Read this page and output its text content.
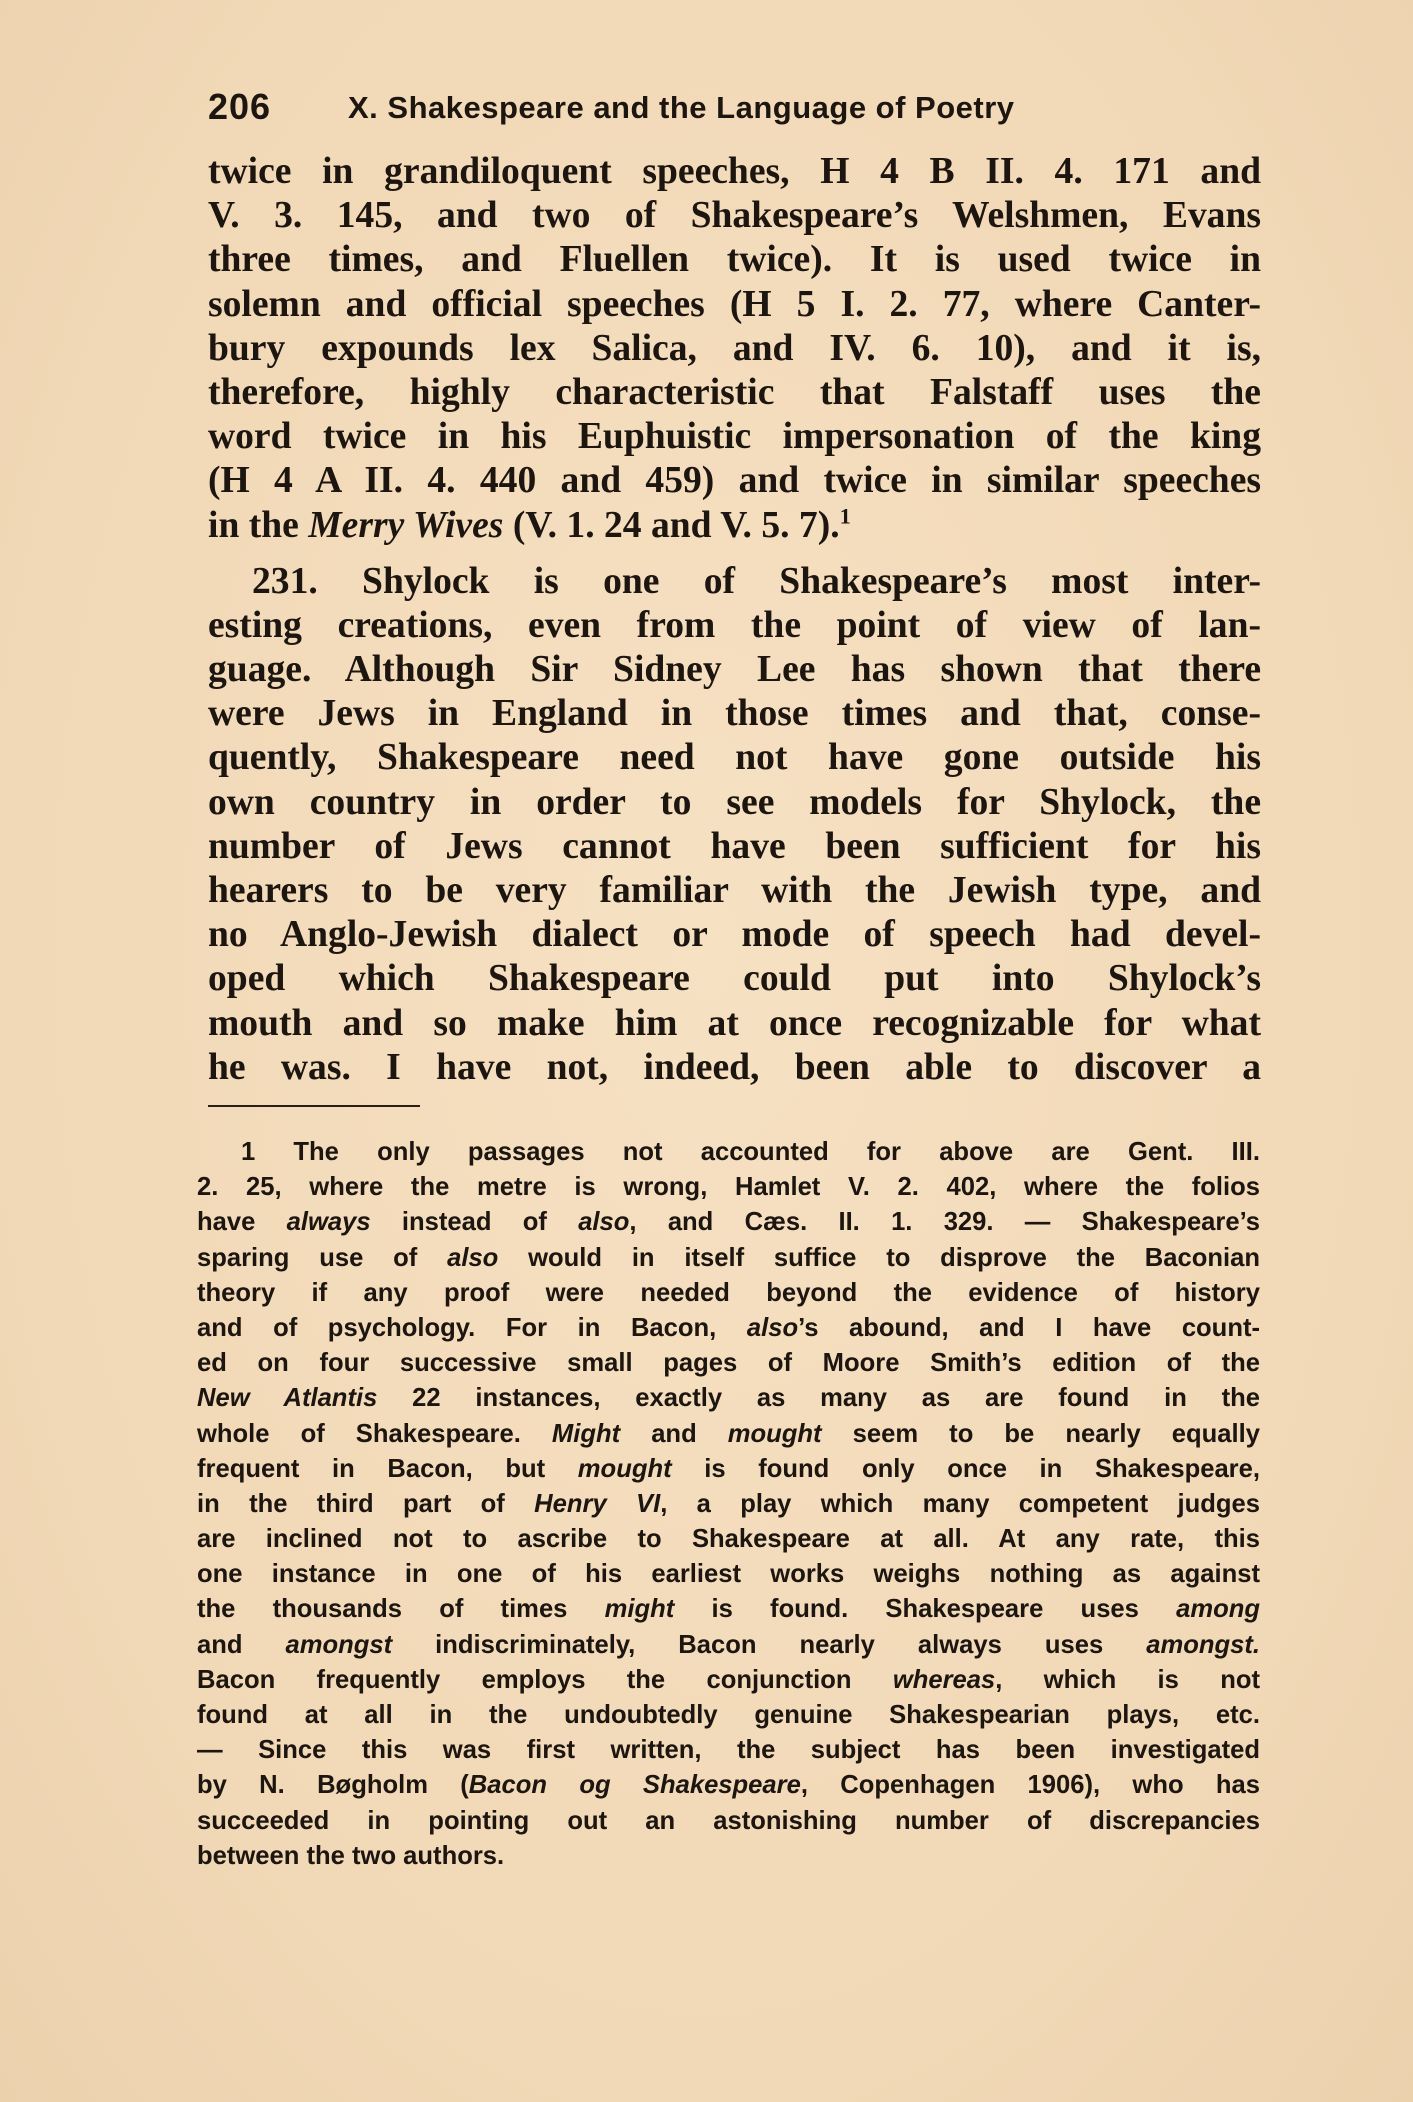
206 X. Shakespeare and the Language of Poetry
twice in grandiloquent speeches, H 4 B II. 4. 171 and
V. 3. 145, and two of Shakespeare’s Welshmen, Evans
three times, and Fluellen twice). It is used twice in
solemn and official speeches (H 5 I. 2. 77, where Canter-
bury expounds lex Salica, and IV. 6. 10), and it is,
therefore, highly characteristic that Falstaff uses the
word twice in his Euphuistic impersonation of the king
(H 4 A II. 4. 440 and 459) and twice in similar speeches
in the Merry Wives (V. 1. 24 and V. 5. 7).$^1$
231. Shylock is one of Shakespeare’s most inter-
esting creations, even from the point of view of lan-
guage. Although Sir Sidney Lee has shown that there
were Jews in England in those times and that, conse-
quently, Shakespeare need not have gone outside his
own country in order to see models for Shylock, the
number of Jews cannot have been sufficient for his
hearers to be very familiar with the Jewish type, and
no Anglo-Jewish dialect or mode of speech had devel-
oped which Shakespeare could put into Shylock’s
mouth and so make him at once recognizable for what
he was. I have not, indeed, been able to discover a
1 The only passages not accounted for above are Gent. III.
2. 25, where the metre is wrong, Hamlet V. 2. 402, where the folios
have always instead of also, and Cæs. II. 1. 329. — Shakespeare’s
sparing use of also would in itself suffice to disprove the Baconian
theory if any proof were needed beyond the evidence of history
and of psychology. For in Bacon, also’s abound, and I have count-
ed on four successive small pages of Moore Smith’s edition of the
New Atlantis 22 instances, exactly as many as are found in the
whole of Shakespeare. Might and mought seem to be nearly equally
frequent in Bacon, but mought is found only once in Shakespeare,
in the third part of Henry VI, a play which many competent judges
are inclined not to ascribe to Shakespeare at all. At any rate, this
one instance in one of his earliest works weighs nothing as against
the thousands of times might is found. Shakespeare uses among
and amongst indiscriminately, Bacon nearly always uses amongst.
Bacon frequently employs the conjunction whereas, which is not
found at all in the undoubtedly genuine Shakespearian plays, etc.
— Since this was first written, the subject has been investigated
by N. Bøgholm (Bacon og Shakespeare, Copenhagen 1906), who has
succeeded in pointing out an astonishing number of discrepancies
between the two authors.
